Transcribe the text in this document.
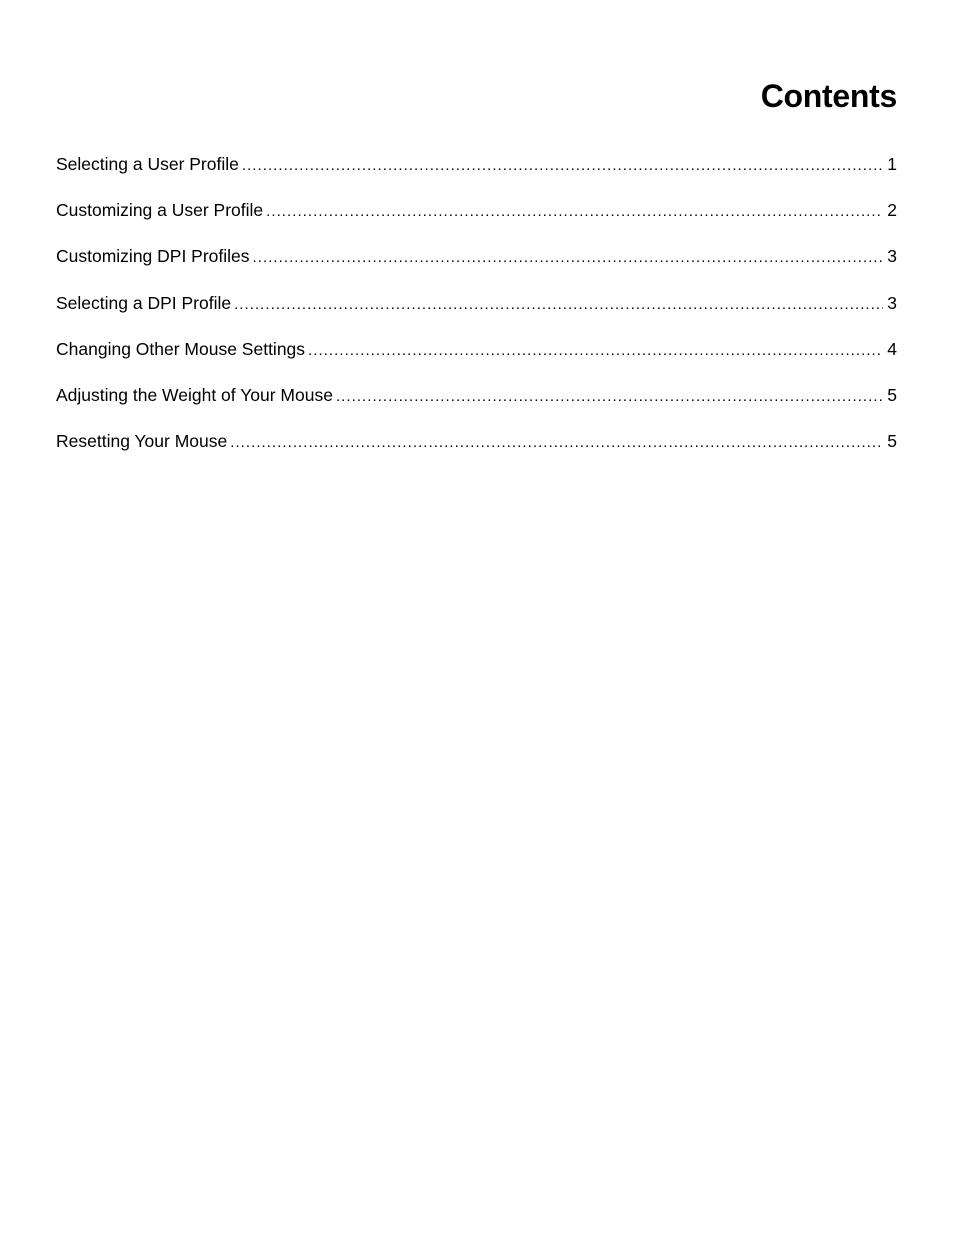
Contents
Selecting a User Profile .....	1
Customizing a User Profile .....	2
Customizing DPI Profiles .....	3
Selecting a DPI Profile .....	3
Changing Other Mouse Settings .....	4
Adjusting the Weight of Your Mouse .....	5
Resetting Your Mouse .....	5
